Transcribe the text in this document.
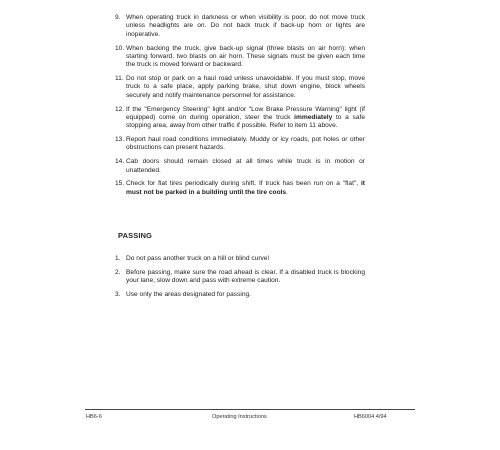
9. When operating truck in darkness or when visibility is poor, do not move truck unless headlights are on. Do not back truck if back-up horn or lights are inoperative.
10. When backing the truck, give back-up signal (three blasts on air horn); when starting forward, two blasts on air horn. These signals must be given each time the truck is moved forward or backward.
11. Do not stop or park on a haul road unless unavoidable. If you must stop, move truck to a safe place, apply parking brake, shut down engine, block wheels securely and notify maintenance personnel for assistance.
12. If the "Emergency Steering" light and/or "Low Brake Pressure Warning" light (if equipped) come on during operation, steer the truck immediately to a safe stopping area, away from other traffic if possible. Refer to item 11 above.
13. Report haul road conditions immediately. Muddy or icy roads, pot holes or other obstructions can present hazards.
14. Cab doors should remain closed at all times while truck is in motion or unattended.
15. Check for flat tires periodically during shift. If truck has been run on a "flat", it must not be parked in a building until the tire cools.
PASSING
1. Do not pass another truck on a hill or blind curve!
2. Before passing, make sure the road ahead is clear. If a disabled truck is blocking your lane, slow down and pass with extreme caution.
3. Use only the areas designated for passing.
HB6-6	Operating Instructions	HB6004 4/94
